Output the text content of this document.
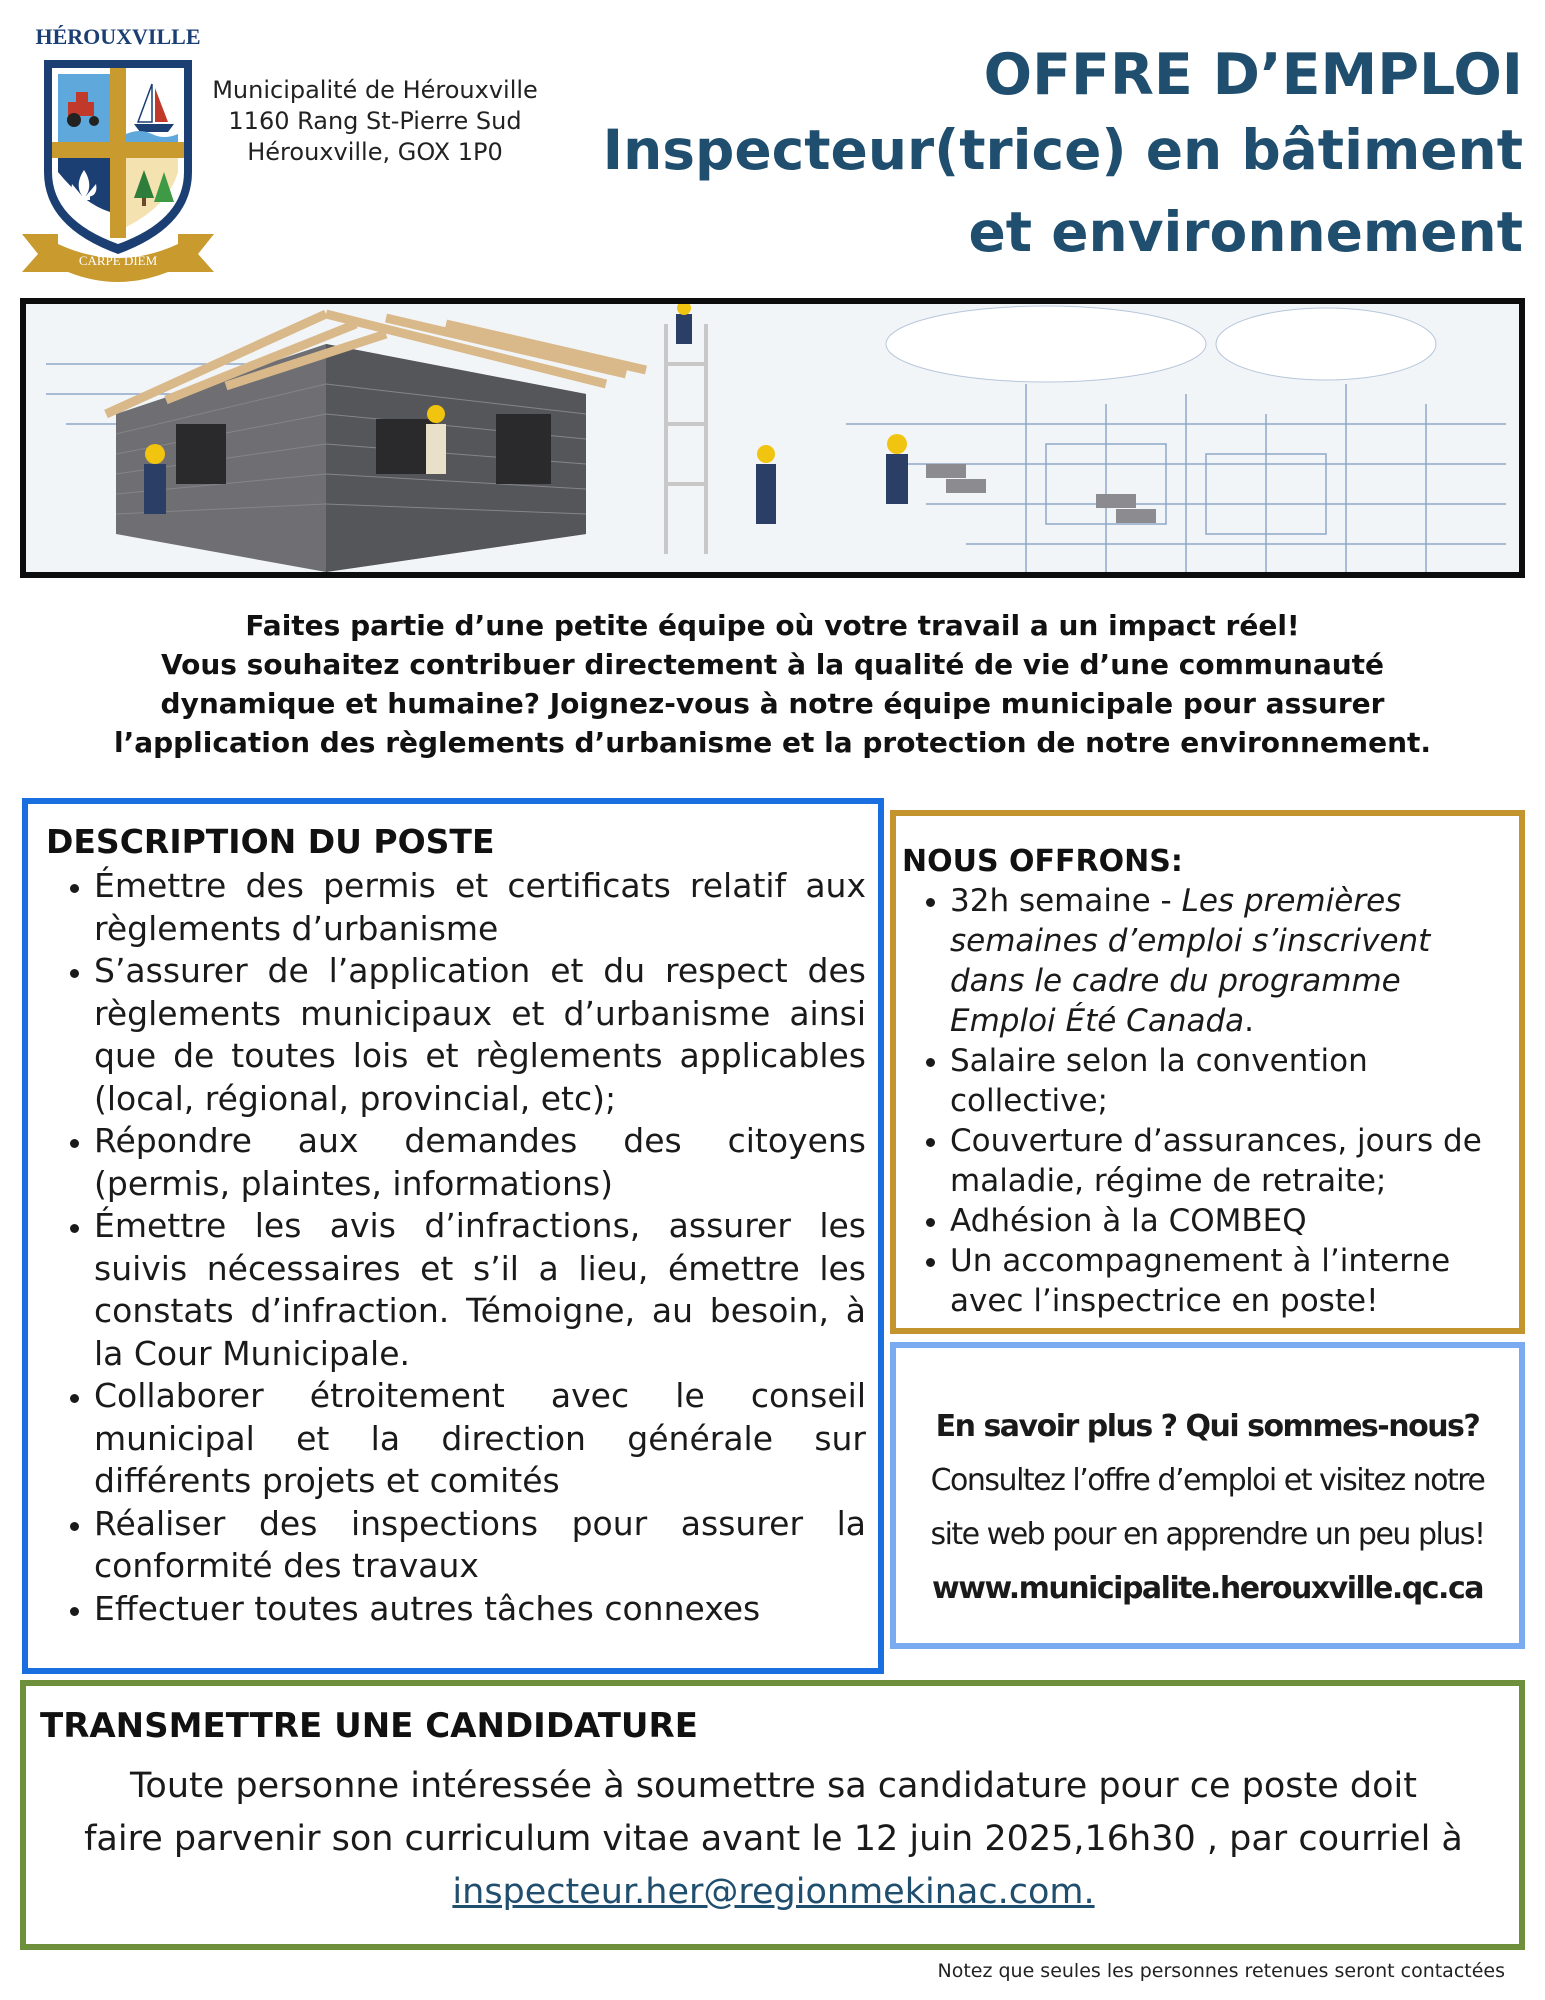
HÉROUXVILLE
CARPE DIEM
Municipalité de Hérouxville
1160 Rang St-Pierre Sud
Hérouxville, GOX 1P0
OFFRE D’EMPLOI
Inspecteur(trice) en bâtiment
et environnement
Faites partie d’une petite équipe où votre travail a un impact réel!
Vous souhaitez contribuer directement à la qualité de vie d’une communauté
dynamique et humaine? Joignez-vous à notre équipe municipale pour assurer
l’application des règlements d’urbanisme et la protection de notre environnement.
DESCRIPTION DU POSTE
• Émettre des permis et certificats relatif aux règlements d’urbanisme
• S’assurer de l’application et du respect des règlements municipaux et d’urbanisme ainsi que de toutes lois et règlements applicables (local, régional, provincial, etc);
• Répondre aux demandes des citoyens (permis, plaintes, informations)
• Émettre les avis d’infractions, assurer les suivis nécessaires et s’il a lieu, émettre les constats d’infraction. Témoigne, au besoin, à la Cour Municipale.
• Collaborer étroitement avec le conseil municipal et la direction générale sur différents projets et comités
• Réaliser des inspections pour assurer la conformité des travaux
• Effectuer toutes autres tâches connexes
NOUS OFFRONS:
• 32h semaine - Les premières semaines d’emploi s’inscrivent dans le cadre du programme Emploi Été Canada.
• Salaire selon la convention collective;
• Couverture d’assurances, jours de maladie, régime de retraite;
• Adhésion à la COMBEQ
• Un accompagnement à l’interne avec l’inspectrice en poste!
En savoir plus ? Qui sommes-nous?
Consultez l’offre d’emploi et visitez notre
site web pour en apprendre un peu plus!
www.municipalite.herouxville.qc.ca
TRANSMETTRE UNE CANDIDATURE
Toute personne intéressée à soumettre sa candidature pour ce poste doit
faire parvenir son curriculum vitae avant le 12 juin 2025,16h30 , par courriel à
inspecteur.her@regionmekinac.com.
Notez que seules les personnes retenues seront contactées
